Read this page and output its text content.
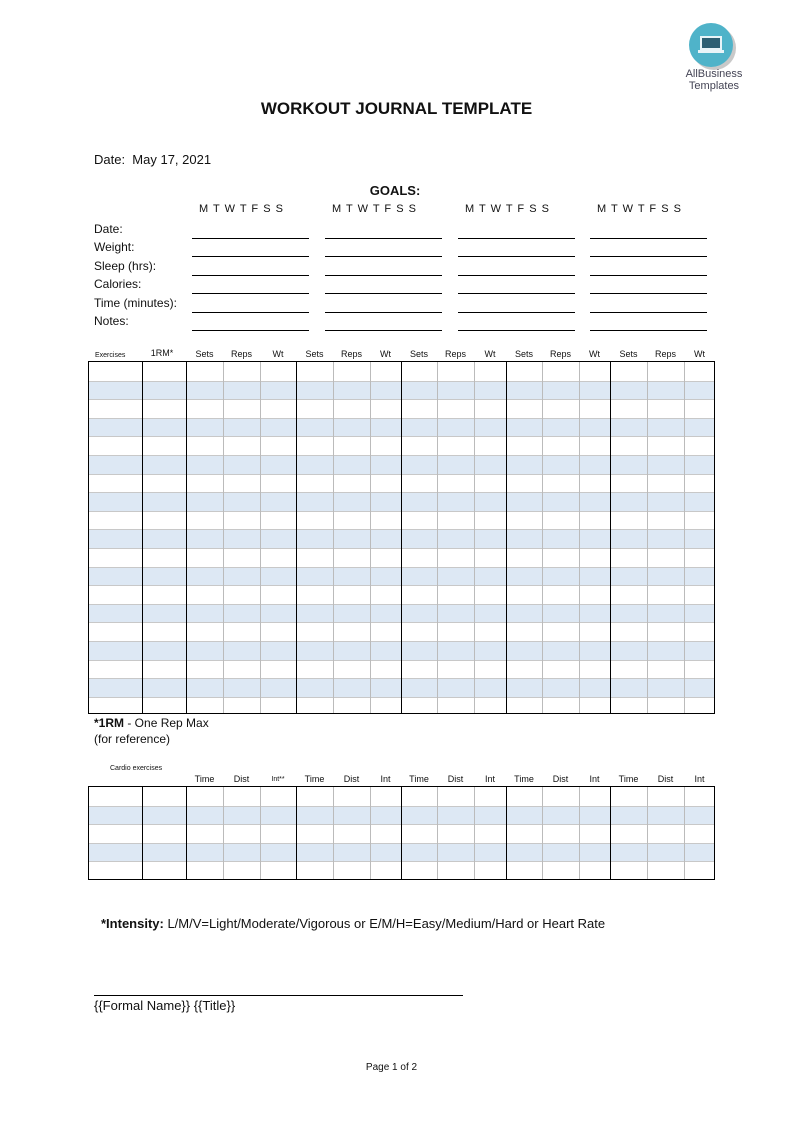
AllBusiness
Templates
WORKOUT JOURNAL TEMPLATE
Date:  May 17, 2021
GOALS:
M T W T F S S	M T W T F S S	M T W T F S S	M T W T F S S
Date:
Weight:
Sleep (hrs):
Calories:
Time (minutes):
Notes:
Exercises	1RM*	Sets	Reps	Wt	Sets	Reps	Wt	Sets	Reps	Wt	Sets	Reps	Wt	Sets	Reps	Wt
*1RM - One Rep Max
(for reference)
Cardio exercises
Time	Dist	Int**	Time	Dist	Int	Time	Dist	Int	Time	Dist	Int	Time	Dist	Int
*Intensity: L/M/V=Light/Moderate/Vigorous or E/M/H=Easy/Medium/Hard or Heart Rate
{{Formal Name}} {{Title}}
Page 1 of 2
